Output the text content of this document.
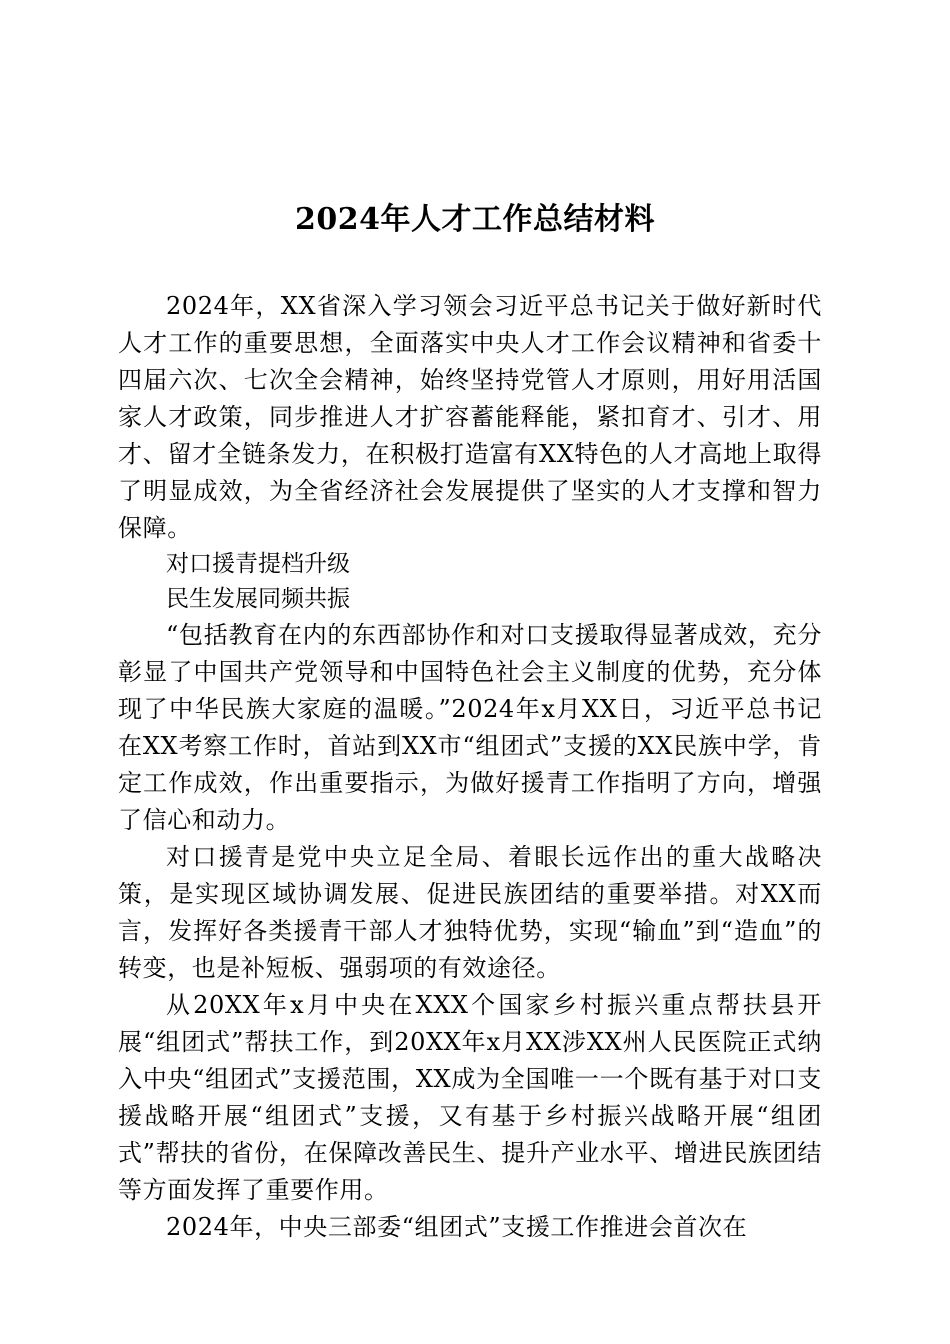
2024年人才工作总结材料

2024年，XX省深入学习领会习近平总书记关于做好新时代人才工作的重要思想，全面落实中央人才工作会议精神和省委十四届六次、七次全会精神，始终坚持党管人才原则，用好用活国家人才政策，同步推进人才扩容蓄能释能，紧扣育才、引才、用才、留才全链条发力，在积极打造富有XX特色的人才高地上取得了明显成效，为全省经济社会发展提供了坚实的人才支撑和智力保障。

对口援青提档升级

民生发展同频共振

“包括教育在内的东西部协作和对口支援取得显著成效，充分彰显了中国共产党领导和中国特色社会主义制度的优势，充分体现了中华民族大家庭的温暖。”2024年x月XX日，习近平总书记在XX考察工作时，首站到XX市“组团式”支援的XX民族中学，肯定工作成效，作出重要指示，为做好援青工作指明了方向，增强了信心和动力。

对口援青是党中央立足全局、着眼长远作出的重大战略决策，是实现区域协调发展、促进民族团结的重要举措。对XX而言，发挥好各类援青干部人才独特优势，实现“输血”到“造血”的转变，也是补短板、强弱项的有效途径。

从20XX年x月中央在XXX个国家乡村振兴重点帮扶县开展“组团式”帮扶工作，到20XX年x月XX涉XX州人民医院正式纳入中央“组团式”支援范围，XX成为全国唯一一个既有基于对口支援战略开展“组团式”支援，又有基于乡村振兴战略开展“组团式”帮扶的省份，在保障改善民生、提升产业水平、增进民族团结等方面发挥了重要作用。

2024年，中央三部委“组团式”支援工作推进会首次在
